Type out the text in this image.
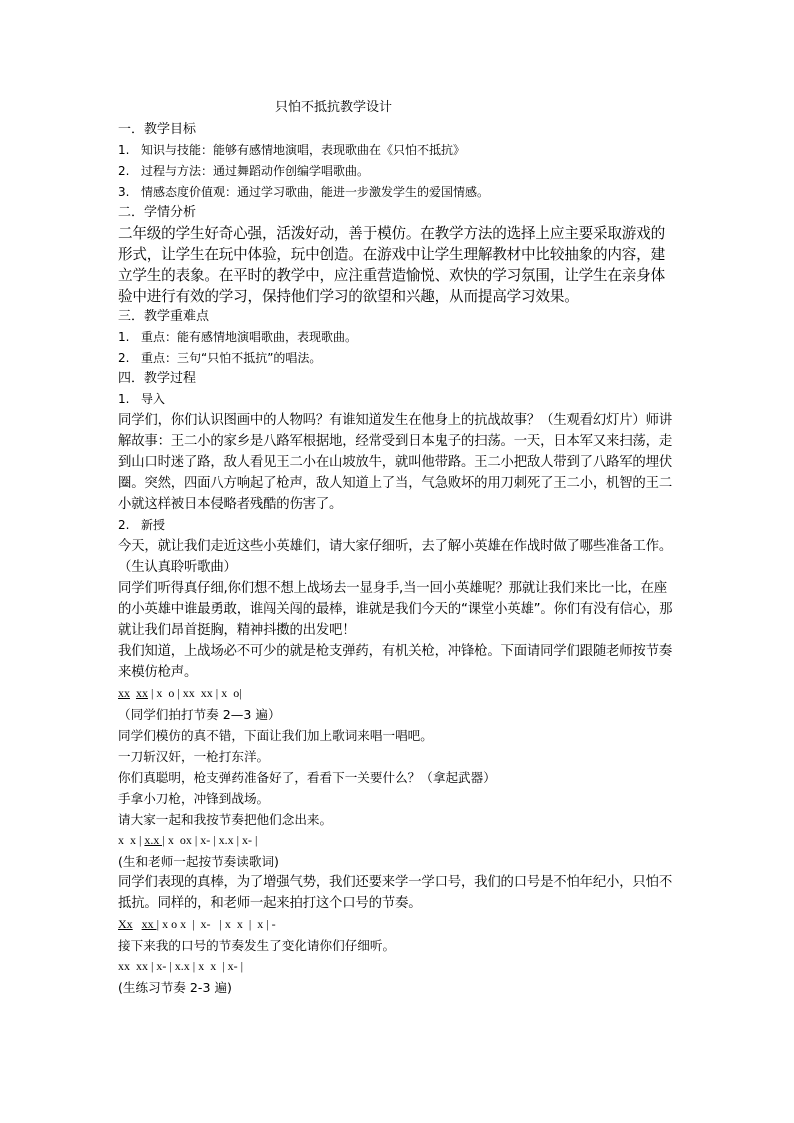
只怕不抵抗教学设计
一．教学目标
1. 知识与技能：能够有感情地演唱，表现歌曲在《只怕不抵抗》
2. 过程与方法：通过舞蹈动作创编学唱歌曲。
3. 情感态度价值观：通过学习歌曲，能进一步激发学生的爱国情感。
二．学情分析
二年级的学生好奇心强，活泼好动，善于模仿。在教学方法的选择上应主要采取游戏的形式，让学生在玩中体验，玩中创造。在游戏中让学生理解教材中比较抽象的内容，建立学生的表象。在平时的教学中，应注重营造愉悦、欢快的学习氛围，让学生在亲身体验中进行有效的学习，保持他们学习的欲望和兴趣，从而提高学习效果。
三．教学重难点
1. 重点：能有感情地演唱歌曲，表现歌曲。
2. 重点：三句“只怕不抵抗”的唱法。
四．教学过程
1. 导入
同学们，你们认识图画中的人物吗？有谁知道发生在他身上的抗战故事？（生观看幻灯片）师讲解故事：王二小的家乡是八路军根据地，经常受到日本鬼子的扫荡。一天，日本军又来扫荡，走到山口时迷了路，敌人看见王二小在山坡放牛，就叫他带路。王二小把敌人带到了八路军的埋伏圈。突然，四面八方响起了枪声，敌人知道上了当，气急败坏的用刀刺死了王二小，机智的王二小就这样被日本侵略者残酷的伤害了。
2. 新授
今天，就让我们走近这些小英雄们，请大家仔细听，去了解小英雄在作战时做了哪些准备工作。（生认真聆听歌曲）
同学们听得真仔细,你们想不想上战场去一显身手,当一回小英雄呢？那就让我们来比一比，在座的小英雄中谁最勇敢，谁闯关闯的最棒，谁就是我们今天的“课堂小英雄”。你们有没有信心，那就让我们昂首挺胸，精神抖擞的出发吧！
我们知道，上战场必不可少的就是枪支弹药，有机关枪，冲锋枪。下面请同学们跟随老师按节奏来模仿枪声。
xx xx | x  o | xx  xx | x  o|
（同学们拍打节奏 2—3 遍）
同学们模仿的真不错，下面让我们加上歌词来唱一唱吧。
一刀斩汉奸，一枪打东洋。
你们真聪明，枪支弹药准备好了，看看下一关要什么？（拿起武器）
手拿小刀枪，冲锋到战场。
请大家一起和我按节奏把他们念出来。
x  x | x.x | x  ox | x- | x.x | x- |
(生和老师一起按节奏读歌词)
同学们表现的真棒，为了增强气势，我们还要来学一学口号，我们的口号是不怕年纪小，只怕不抵抗。同样的，和老师一起来拍打这个口号的节奏。
Xx xx | x o x  |  x-   | x  x  |  x | -
接下来我的口号的节奏发生了变化请你们仔细听。
xx  xx | x- | x.x | x  x  | x- |
(生练习节奏 2-3 遍)
